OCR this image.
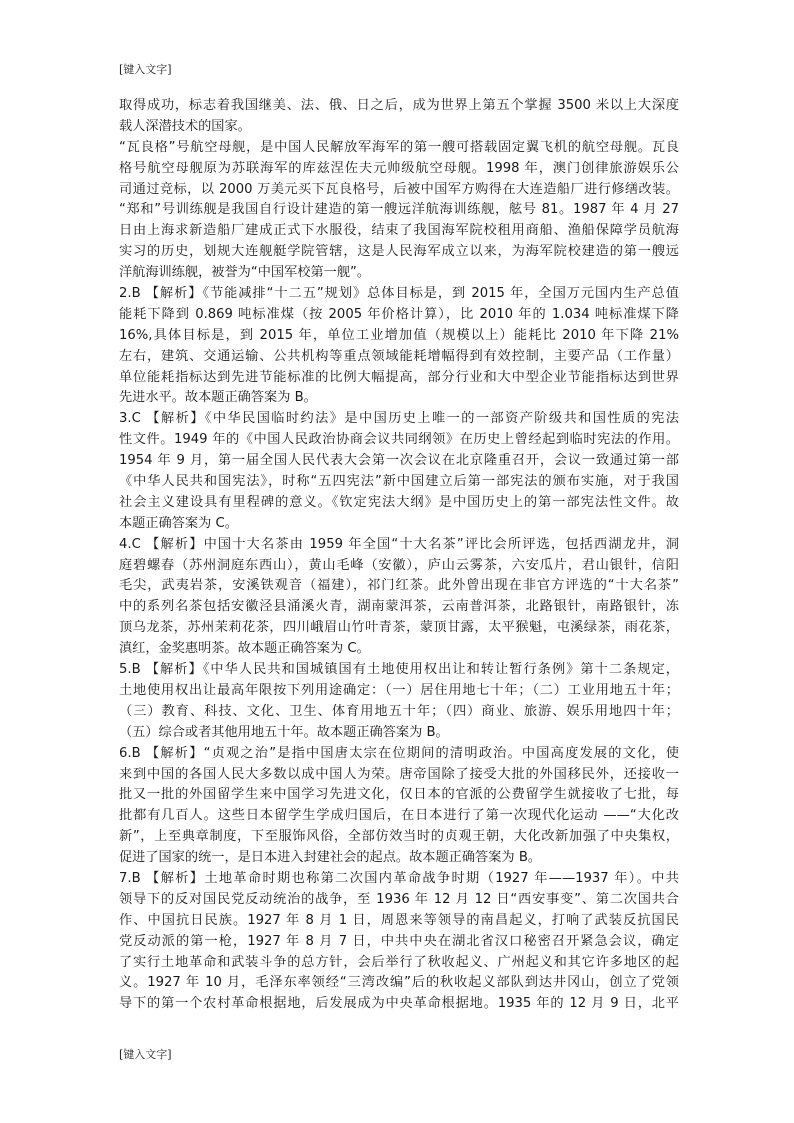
[键入文字]
取得成功，标志着我国继美、法、俄、日之后，成为世界上第五个掌握 3500 米以上大深度
载人深潜技术的国家。
“瓦良格”号航空母舰，是中国人民解放军海军的第一艘可搭载固定翼飞机的航空母舰。瓦良
格号航空母舰原为苏联海军的库兹涅佐夫元帅级航空母舰。1998 年，澳门创律旅游娱乐公
司通过竞标，以 2000 万美元买下瓦良格号，后被中国军方购得在大连造船厂进行修缮改装。
“郑和”号训练舰是我国自行设计建造的第一艘远洋航海训练舰，舷号 81。1987 年 4 月 27
日由上海求新造船厂建成正式下水服役，结束了我国海军院校租用商船、渔船保障学员航海
实习的历史，划规大连舰艇学院管辖，这是人民海军成立以来，为海军院校建造的第一艘远
洋航海训练舰，被誉为“中国军校第一舰”。
2.B 【解析】《节能减排“十二五”规划》总体目标是，到 2015 年，全国万元国内生产总值
能耗下降到 0.869 吨标准煤（按 2005 年价格计算），比 2010 年的 1.034 吨标准煤下降
16%,具体目标是，到 2015 年，单位工业增加值（规模以上）能耗比 2010 年下降 21%
左右，建筑、交通运输、公共机构等重点领域能耗增幅得到有效控制，主要产品（工作量）
单位能耗指标达到先进节能标准的比例大幅提高，部分行业和大中型企业节能指标达到世界
先进水平。故本题正确答案为 B。
3.C 【解析】《中华民国临时约法》是中国历史上唯一的一部资产阶级共和国性质的宪法
性文件。1949 年的《中国人民政治协商会议共同纲领》在历史上曾经起到临时宪法的作用。
1954 年 9 月，第一届全国人民代表大会第一次会议在北京隆重召开，会议一致通过第一部
《中华人民共和国宪法》，时称“五四宪法”新中国建立后第一部宪法的颁布实施，对于我国
社会主义建设具有里程碑的意义。《钦定宪法大纲》是中国历史上的第一部宪法性文件。故
本题正确答案为 C。
4.C 【解析】中国十大名茶由 1959 年全国“十大名茶”评比会所评选，包括西湖龙井，洞
庭碧螺春（苏州洞庭东西山），黄山毛峰（安徽），庐山云雾茶，六安瓜片，君山银针，信阳
毛尖，武夷岩茶，安溪铁观音（福建），祁门红茶。此外曾出现在非官方评选的“十大名茶”
中的系列名茶包括安徽泾县涌溪火青，湖南蒙洱茶，云南普洱茶，北路银针，南路银针，冻
顶乌龙茶，苏州茉莉花茶，四川峨眉山竹叶青茶，蒙顶甘露，太平猴魁，屯溪绿茶，雨花茶，
滇红，金奖惠明茶。故本题正确答案为 C。
5.B 【解析】《中华人民共和国城镇国有土地使用权出让和转让暂行条例》第十二条规定，
土地使用权出让最高年限按下列用途确定：（一）居住用地七十年；（二）工业用地五十年；
（三）教育、科技、文化、卫生、体育用地五十年；（四）商业、旅游、娱乐用地四十年；
（五）综合或者其他用地五十年。故本题正确答案为 B。
6.B 【解析】“贞观之治”是指中国唐太宗在位期间的清明政治。中国高度发展的文化，使
来到中国的各国人民大多数以成中国人为荣。唐帝国除了接受大批的外国移民外，还接收一
批又一批的外国留学生来中国学习先进文化，仅日本的官派的公费留学生就接收了七批，每
批都有几百人。这些日本留学生学成归国后，在日本进行了第一次现代化运动 ——“大化改
新”，上至典章制度，下至服饰风俗，全部仿效当时的贞观王朝，大化改新加强了中央集权，
促进了国家的统一，是日本进入封建社会的起点。故本题正确答案为 B。
7.B 【解析】土地革命时期也称第二次国内革命战争时期（1927 年——1937 年）。中共
领导下的反对国民党反动统治的战争，至 1936 年 12 月 12 日“西安事变”、第二次国共合
作、中国抗日民族。1927 年 8 月 1 日，周恩来等领导的南昌起义，打响了武装反抗国民
党反动派的第一枪，1927 年 8 月 7 日，中共中央在湖北省汉口秘密召开紧急会议，确定
了实行土地革命和武装斗争的总方针，会后举行了秋收起义、广州起义和其它许多地区的起
义。1927 年 10 月，毛泽东率领经“三湾改编”后的秋收起义部队到达井冈山，创立了党领
导下的第一个农村革命根据地，后发展成为中央革命根据地。1935 年的 12 月 9 日，北平
[键入文字]
